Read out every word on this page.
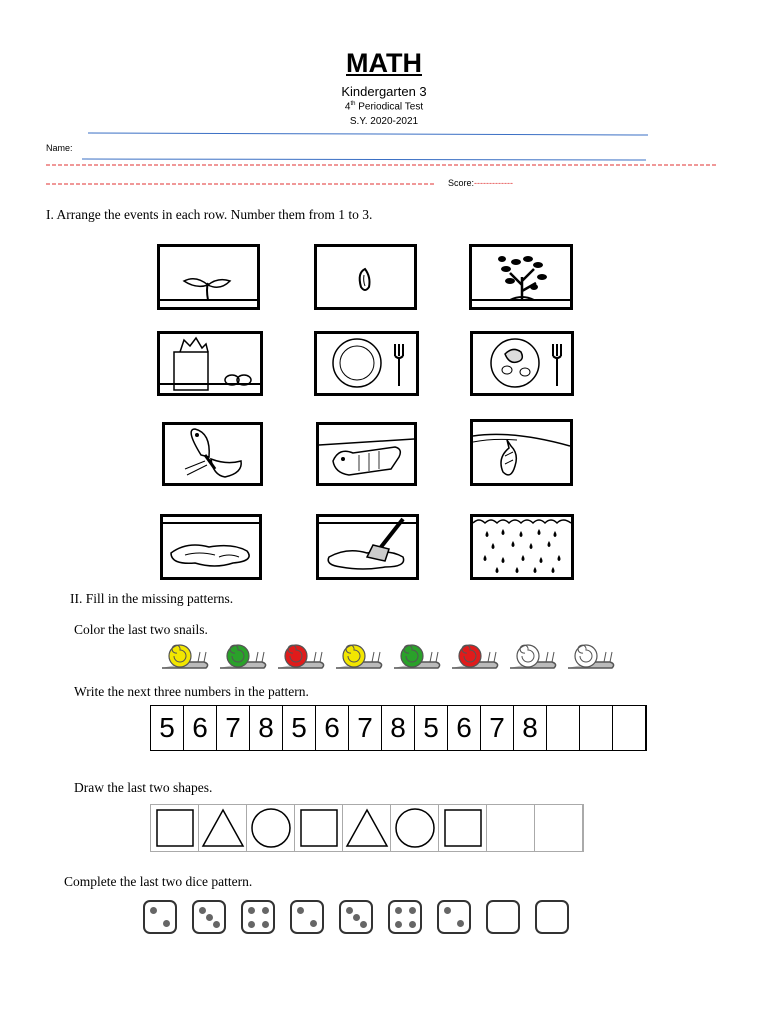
MATH
Kindergarten 3
4th Periodical Test
S.Y. 2020-2021
Name:
Score:-------------
I. Arrange the events in each row. Number them from 1 to 3.
II. Fill in the missing patterns.
Color the last two snails.
Write the next three numbers in the pattern.
5 6 7 8 5 6 7 8 5 6 7 8
Draw the last two shapes.
Complete the last two dice pattern.
